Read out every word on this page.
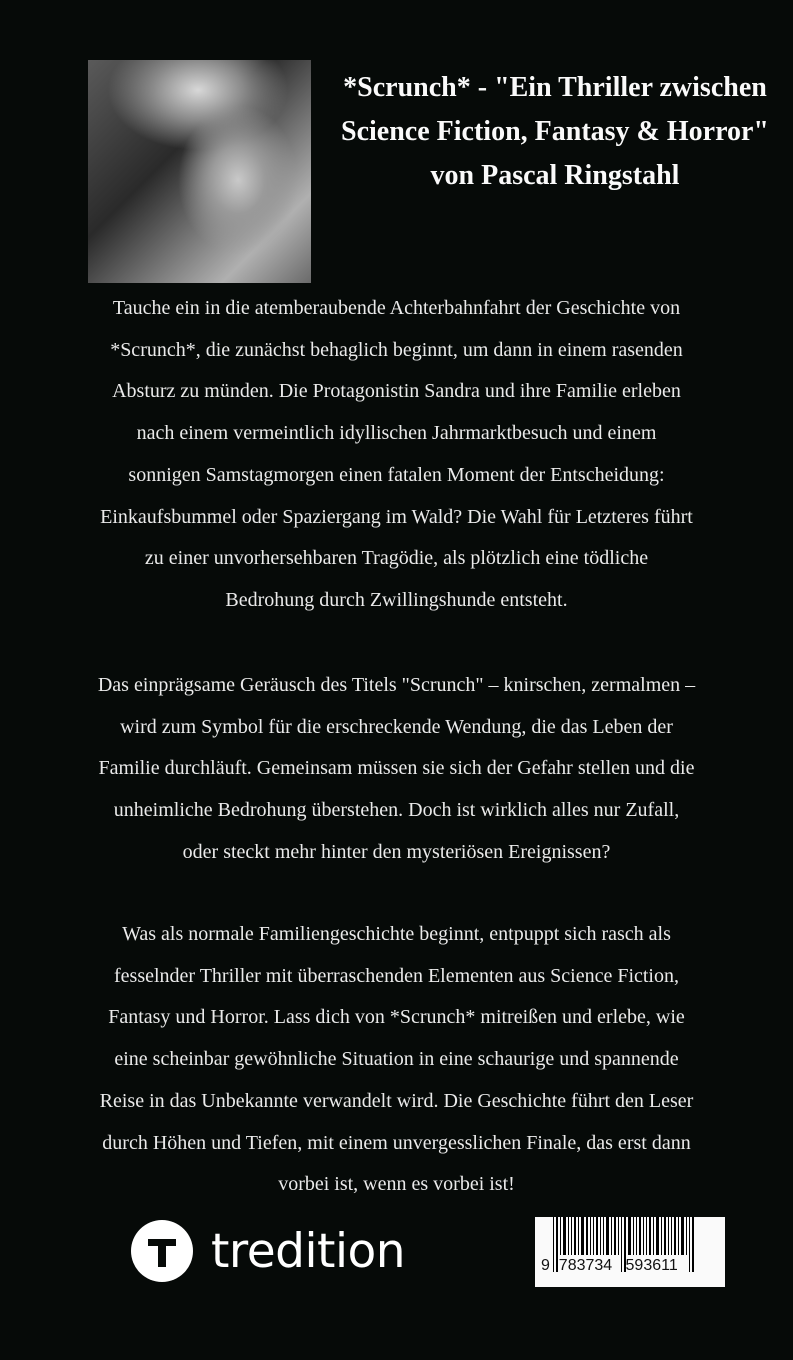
*Scrunch* - "Ein Thriller zwischen
Science Fiction, Fantasy & Horror"
von Pascal Ringstahl
Tauche ein in die atemberaubende Achterbahnfahrt der Geschichte von
*Scrunch*, die zunächst behaglich beginnt, um dann in einem rasenden
Absturz zu münden. Die Protagonistin Sandra und ihre Familie erleben
nach einem vermeintlich idyllischen Jahrmarktbesuch und einem
sonnigen Samstagmorgen einen fatalen Moment der Entscheidung:
Einkaufsbummel oder Spaziergang im Wald? Die Wahl für Letzteres führt
zu einer unvorhersehbaren Tragödie, als plötzlich eine tödliche
Bedrohung durch Zwillingshunde entsteht.
Das einprägsame Geräusch des Titels "Scrunch" – knirschen, zermalmen –
wird zum Symbol für die erschreckende Wendung, die das Leben der
Familie durchläuft. Gemeinsam müssen sie sich der Gefahr stellen und die
unheimliche Bedrohung überstehen. Doch ist wirklich alles nur Zufall,
oder steckt mehr hinter den mysteriösen Ereignissen?
Was als normale Familiengeschichte beginnt, entpuppt sich rasch als
fesselnder Thriller mit überraschenden Elementen aus Science Fiction,
Fantasy und Horror. Lass dich von *Scrunch* mitreißen und erlebe, wie
eine scheinbar gewöhnliche Situation in eine schaurige und spannende
Reise in das Unbekannte verwandelt wird. Die Geschichte führt den Leser
durch Höhen und Tiefen, mit einem unvergesslichen Finale, das erst dann
vorbei ist, wenn es vorbei ist!
tredition	9  783734   593611
